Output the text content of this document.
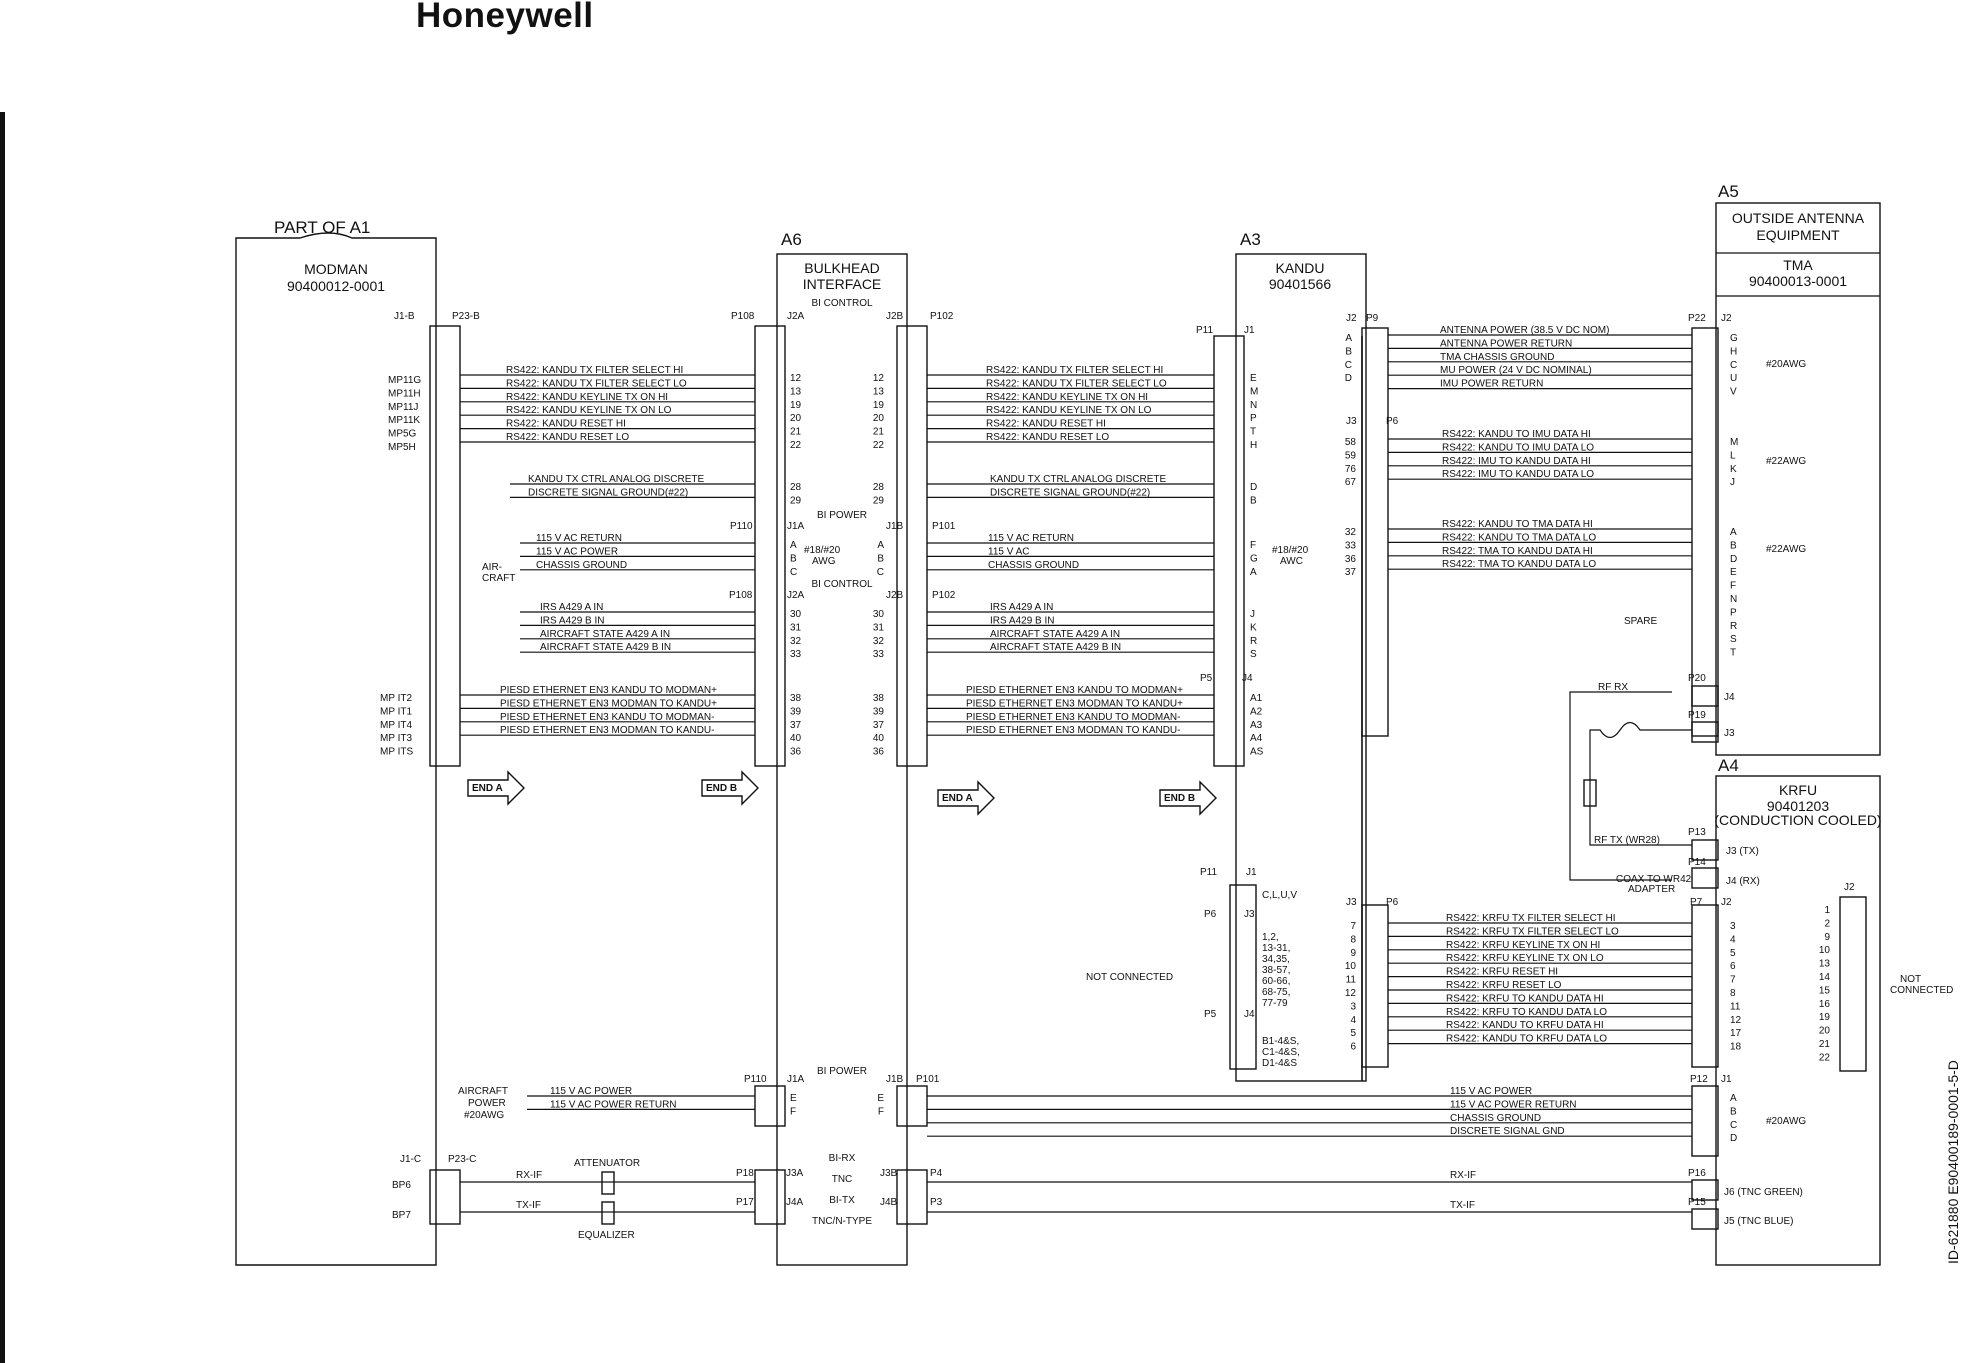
Honeywell
ID-621880 E90400189-0001-5-D
PART OF A1
MODMAN
90400012-0001
A6
BULKHEAD
INTERFACE
BI CONTROL
BI POWER
BI CONTROL
BI POWER
BI-RX
TNC
BI-TX
TNC/N-TYPE
A3
KANDU
90401566
A5
OUTSIDE ANTENNA
EQUIPMENT
TMA
90400013-0001
A4
KRFU
90401203
(CONDUCTION COOLED)
J1-B	P23-B	P108	J2A	J2B	P102
P11	J1
J2 P9	P22 J2
J3	P6
P110	J1A	J1B	P101
P108	J2A	J2B	P102
P5	J4	P20
J4
P19
J3
P13
J3 (TX)
P14
J4 (RX)
P11	J1
P6	J3
P5	J4
J3	P6	P7 J2
J2
P110 J1A	J1B P101	P12 J1
J1-C	P23-C
P18	J3A	J3B	P4
P17	J4A	J4B	P3
P16
J6 (TNC GREEN)
P15
J5 (TNC BLUE)
#18/#20
AWG
#18/#20
AWC
AIR-
CRAFT
AIRCRAFT
POWER
#20AWG
END A	END B
END A	END B
#20AWG
#22AWG
#22AWG
#20AWG
SPARE
RF RX
RF TX (WR28)
COAX TO WR42
ADAPTER
NOT CONNECTED	NOT
CONNECTED
C,L,U,V
BP6
BP7
RX-IF
TX-IF
ATTENUATOR
EQUALIZER
RX-IF
TX-IF
MP11G
MP11H
MP11J
MP11K
MP5G
MP5H
RS422: KANDU TX FILTER SELECT HI
RS422: KANDU TX FILTER SELECT LO
RS422: KANDU KEYLINE TX ON HI
RS422: KANDU KEYLINE TX ON LO
RS422: KANDU RESET HI
RS422: KANDU RESET LO
12
13
19
20
21
22
28
29
KANDU TX CTRL ANALOG DISCRETE
DISCRETE SIGNAL GROUND(#22)
A
B
C
115 V AC RETURN
115 V AC POWER
CHASSIS GROUND
30
31
32
33
IRS A429 A IN
IRS A429 B IN
AIRCRAFT STATE A429 A IN
AIRCRAFT STATE A429 B IN
MP IT2
MP IT1
MP IT4
MP IT3
MP ITS
38
39
37
40
36
PIESD ETHERNET EN3 KANDU TO MODMAN+
PIESD ETHERNET EN3 MODMAN TO KANDU+
PIESD ETHERNET EN3 KANDU TO MODMAN-
PIESD ETHERNET EN3 MODMAN TO KANDU-
12
13
19
20
21
22
RS422: KANDU TX FILTER SELECT HI
RS422: KANDU TX FILTER SELECT LO
RS422: KANDU KEYLINE TX ON HI
RS422: KANDU KEYLINE TX ON LO
RS422: KANDU RESET HI
RS422: KANDU RESET LO
E
M
N
P
T
H
28
29
KANDU TX CTRL ANALOG DISCRETE
DISCRETE SIGNAL GROUND(#22)	D
B
A
B
C
115 V AC RETURN
115 V AC
CHASSIS GROUND
F
G
A
30
31
32
33
IRS A429 A IN
IRS A429 B IN
AIRCRAFT STATE A429 A IN
AIRCRAFT STATE A429 B IN
J
K
R
S
38
39
37
40
36
PIESD ETHERNET EN3 KANDU TO MODMAN+
PIESD ETHERNET EN3 MODMAN TO KANDU+
PIESD ETHERNET EN3 KANDU TO MODMAN-
PIESD ETHERNET EN3 MODMAN TO KANDU-
A1
A2
A3
A4
AS
A
B
C
D
ANTENNA POWER (38.5 V DC NOM)
ANTENNA POWER RETURN
TMA CHASSIS GROUND
MU POWER (24 V DC NOMINAL)
IMU POWER RETURN
G
H
C
U
V
58
59
76
67
RS422: KANDU TO IMU DATA HI
RS422: KANDU TO IMU DATA LO
RS422: IMU TO KANDU DATA HI
RS422: IMU TO KANDU DATA LO
M
L
K
J
32
33
36
37
RS422: KANDU TO TMA DATA HI
RS422: KANDU TO TMA DATA LO
RS422: TMA TO KANDU DATA HI
RS422: TMA TO KANDU DATA LO
A
B
D
E
F
N
P
R
S
T
1,2,
13-31,
34,35,
38-57,
60-66,
68-75,
77-79
B1-4&S,
C1-4&S,
D1-4&S
7
8
9
10
11
12
3
4
5
6
RS422: KRFU TX FILTER SELECT HI
RS422: KRFU TX FILTER SELECT LO
RS422: KRFU KEYLINE TX ON HI
RS422: KRFU KEYLINE TX ON LO
RS422: KRFU RESET HI
RS422: KRFU RESET LO
RS422: KRFU TO KANDU DATA HI
RS422: KRFU TO KANDU DATA LO
RS422: KANDU TO KRFU DATA HI
RS422: KANDU TO KRFU DATA LO
3
4
5
6
7
8
11
12
17
18
1
2
9
10
13
14
15
16
19
20
21
22
115 V AC POWER
115 V AC POWER RETURN
E
F
E
F
115 V AC POWER
115 V AC POWER RETURN
CHASSIS GROUND
DISCRETE SIGNAL GND
A
B
C
D
